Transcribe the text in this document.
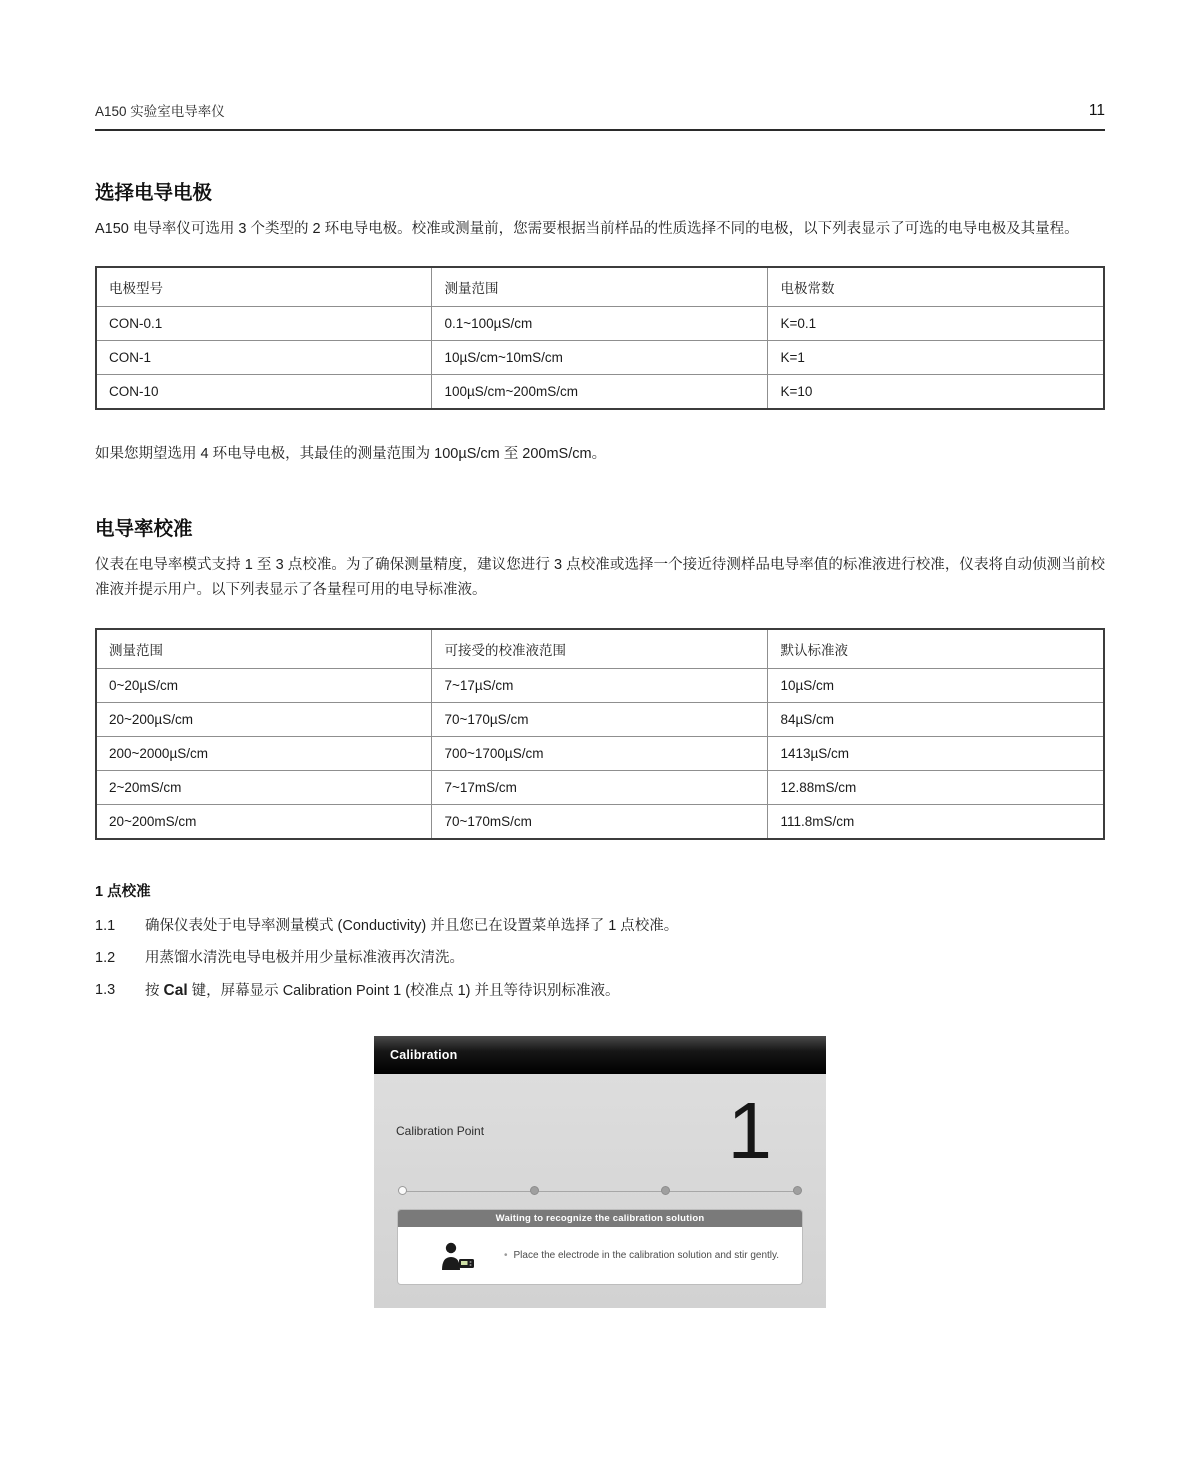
A150 实验室电导率仪	11
选择电导电极

A150 电导率仪可选用 3 个类型的 2 环电导电极。校准或测量前，您需要根据当前样品的性质选择不同的电极，以下列表显示了可选的电导电极及其量程。

电极型号	测量范围	电极常数
CON-0.1	0.1~100µS/cm	K=0.1
CON-1	10µS/cm~10mS/cm	K=1
CON-10	100µS/cm~200mS/cm	K=10

如果您期望选用 4 环电导电极，其最佳的测量范围为 100µS/cm 至 200mS/cm。

电导率校准

仪表在电导率模式支持 1 至 3 点校准。为了确保测量精度，建议您进行 3 点校准或选择一个接近待测样品电导率值的标准液进行校准，仪表将自动侦测当前校准液并提示用户。以下列表显示了各量程可用的电导标准液。

测量范围	可接受的校准液范围	默认标准液
0~20µS/cm	7~17µS/cm	10µS/cm
20~200µS/cm	70~170µS/cm	84µS/cm
200~2000µS/cm	700~1700µS/cm	1413µS/cm
2~20mS/cm	7~17mS/cm	12.88mS/cm
20~200mS/cm	70~170mS/cm	111.8mS/cm
1 点校准
1.1	确保仪表处于电导率测量模式 (Conductivity) 并且您已在设置菜单选择了 1 点校准。
1.2	用蒸馏水清洗电导电极并用少量标准液再次清洗。
1.3	按 Cal 键，屏幕显示 Calibration Point 1 (校准点 1) 并且等待识别标准液。
Calibration
Calibration Point	1
Waiting to recognize the calibration solution
• Place the electrode in the calibration solution and stir gently.
